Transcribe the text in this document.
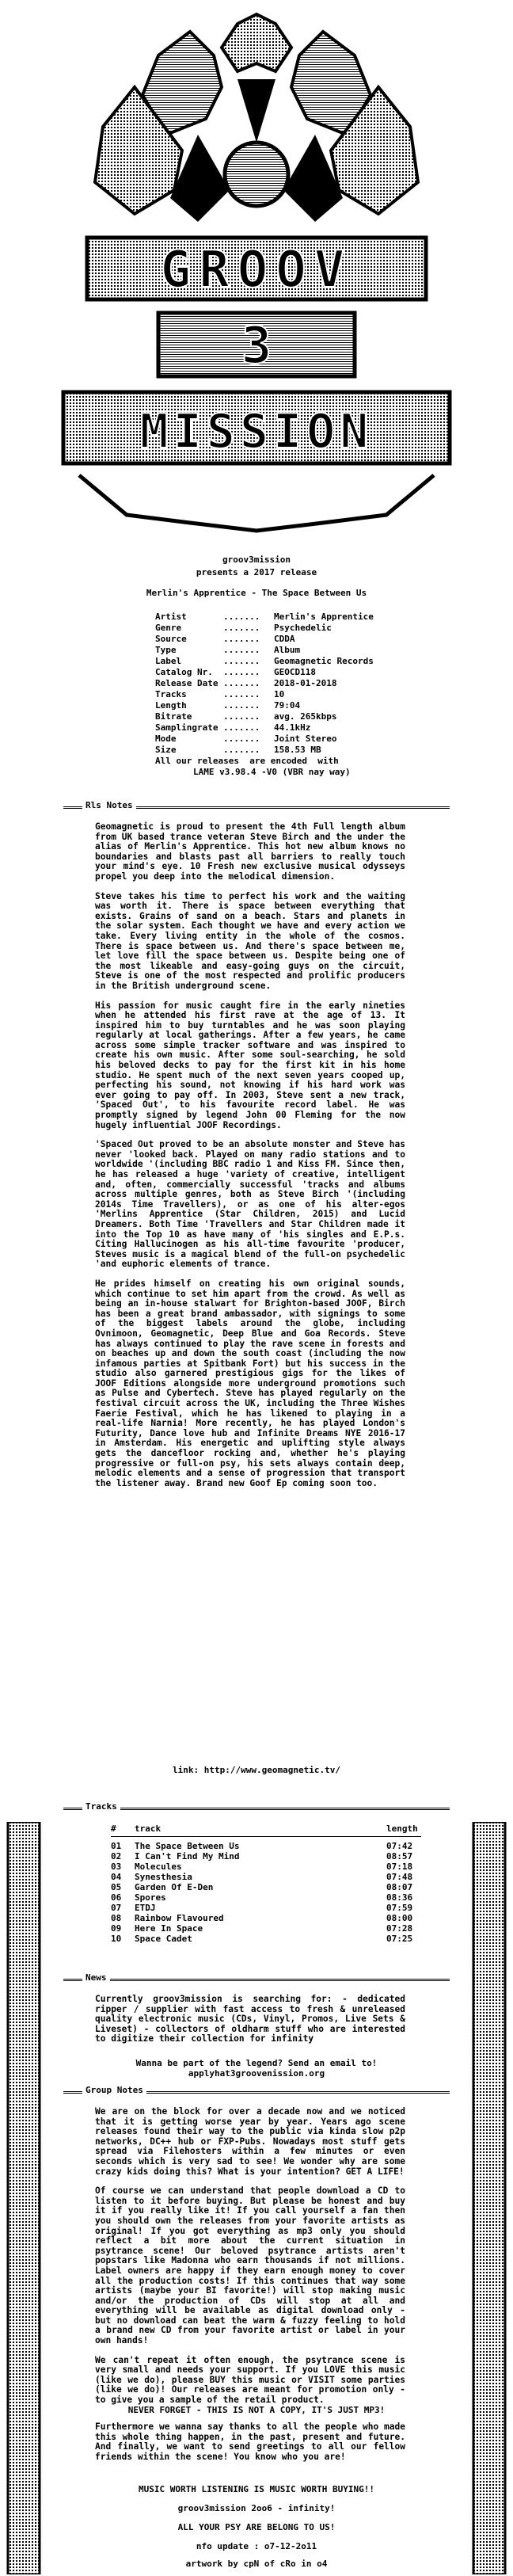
GROOV
3
MISSION
groov3mission
presents a 2017 release
Merlin's Apprentice - The Space Between Us
Artist	....... Merlin's Apprentice
Genre	....... Psychedelic
Source	....... CDDA
Type	....... Album
Label	....... Geomagnetic Records
Catalog Nr. ....... GEOCD118
Release Date ....... 2018-01-2018
Tracks	....... 10
Length	....... 79:04
Bitrate	....... avg. 265kbps
Samplingrate ....... 44.1kHz
Mode	....... Joint Stereo
Size	....... 158.53 MB
All our releases  are encoded  with
LAME v3.98.4 -V0 (VBR nay way)
Rls Notes

Geomagnetic is proud to present the 4th Full length album from UK based trance veteran Steve Birch and the under the alias of Merlin's Apprentice. This hot new album knows no boundaries and blasts past all barriers to really touch your mind's eye. 10 Fresh new exclusive musical odysseys propel you deep into the melodical dimension.

Steve takes his time to perfect his work and the waiting was worth it. There is space between everything that exists. Grains of sand on a beach. Stars and planets in the solar system. Each thought we have and every action we take. Every living entity in the whole of the cosmos. There is space between us. And there's space between me, let love fill the space between us. Despite being one of the most likeable and easy-going guys on the circuit, Steve is one of the most respected and prolific producers in the British underground scene.

His passion for music caught fire in the early nineties when he attended his first rave at the age of 13. It inspired him to buy turntables and he was soon playing regularly at local gatherings. After a few years, he came across some simple tracker software and was inspired to create his own music. After some soul-searching, he sold his beloved decks to pay for the first kit in his home studio. He spent much of the next seven years cooped up, perfecting his sound, not knowing if his hard work was ever going to pay off. In 2003, Steve sent a new track, 'Spaced Out', to his favourite record label. He was promptly signed by legend John 00 Fleming for the now hugely influential JOOF Recordings.

'Spaced Out proved to be an absolute monster and Steve has never 'looked back. Played on many radio stations and to worldwide '(including BBC radio 1 and Kiss FM. Since then, he has released a huge 'variety of creative, intelligent and, often, commercially successful 'tracks and albums across multiple genres, both as Steve Birch '(including 2014s Time Travellers), or as one of his alter-egos 'Merlins Apprentice (Star Children, 2015) and Lucid Dreamers. Both Time 'Travellers and Star Children made it into the Top 10 as have many of 'his singles and E.P.s. Citing Hallucinogen as his all-time favourite 'producer, Steves music is a magical blend of the full-on psychedelic 'and euphoric elements of trance.

He prides himself on creating his own original sounds, which continue to set him apart from the crowd. As well as being an in-house stalwart for Brighton-based JOOF, Birch has been a great brand ambassador, with signings to some of the biggest labels around the globe, including Ovnimoon, Geomagnetic, Deep Blue and Goa Records. Steve has always continued to play the rave scene in forests and on beaches up and down the south coast (including the now infamous parties at Spitbank Fort) but his success in the studio also garnered prestigious gigs for the likes of JOOF Editions alongside more underground promotions such as Pulse and Cybertech. Steve has played regularly on the festival circuit across the UK, including the Three Wishes Faerie Festival, which he has likened to playing in a real-life Narnia! More recently, he has played London's Futurity, Dance love hub and Infinite Dreams NYE 2016-17 in Amsterdam. His energetic and uplifting style always gets the dancefloor rocking and, whether he's playing progressive or full-on psy, his sets always contain deep, melodic elements and a sense of progression that transport the listener away. Brand new Goof Ep coming soon too.

link: http://www.geomagnetic.tv/
Tracks
# track	length
01 The Space Between Us	07:42
02 I Can't Find My Mind	08:57
03 Molecules	07:18
04 Synesthesia	07:48
05 Garden Of E-Den	08:07
06 Spores	08:36
07 ETDJ	07:59
08 Rainbow Flavoured	08:00
09 Here In Space	07:28
10 Space Cadet	07:25
News

Currently groov3mission is searching for: - dedicated ripper / supplier with fast access to fresh & unreleased quality electronic music (CDs, Vinyl, Promos, Live Sets & Liveset) - collectors of oldharm stuff who are interested to digitize their collection for infinity

Wanna be part of the legend? Send an email to!
applyhat3groovenission.org
Group Notes

We are on the block for over a decade now and we noticed that it is getting worse year by year. Years ago scene releases found their way to the public via kinda slow p2p networks, DC++ hub or FXP-Pubs. Nowadays most stuff gets spread via Filehosters within a few minutes or even seconds which is very sad to see! We wonder why are some crazy kids doing this? What is your intention? GET A LIFE!

Of course we can understand that people download a CD to listen to it before buying. But please be honest and buy it if you really like it! If you call yourself a fan then you should own the releases from your favorite artists as original! If you got everything as mp3 only you should reflect a bit more about the current situation in psytrance scene! Our beloved psytrance artists aren't popstars like Madonna who earn thousands if not millions. Label owners are happy if they earn enough money to cover all the production costs! If this continues that way some artists (maybe your BI favorite!) will stop making music and/or the production of CDs will stop at all and everything will be available as digital download only - but no download can beat the warm & fuzzy feeling to hold a brand new CD from your favorite artist or label in your own hands!

We can't repeat it often enough, the psytrance scene is very small and needs your support. If you LOVE this music (like we do), please BUY this music or VISIT some parties (like we do)! Our releases are meant for promotion only - to give you a sample of the retail product.

NEVER FORGET - THIS IS NOT A COPY, IT'S JUST MP3!

Furthermore we wanna say thanks to all the people who made this whole thing happen, in the past, present and future. And finally, we want to send greetings to all our fellow friends within the scene! You know who you are!

MUSIC WORTH LISTENING IS MUSIC WORTH BUYING!!
groov3mission 2oo6 - infinity!
ALL YOUR PSY ARE BELONG TO US!
nfo update : o7-12-2o11
artwork by cpN of cRo in o4
